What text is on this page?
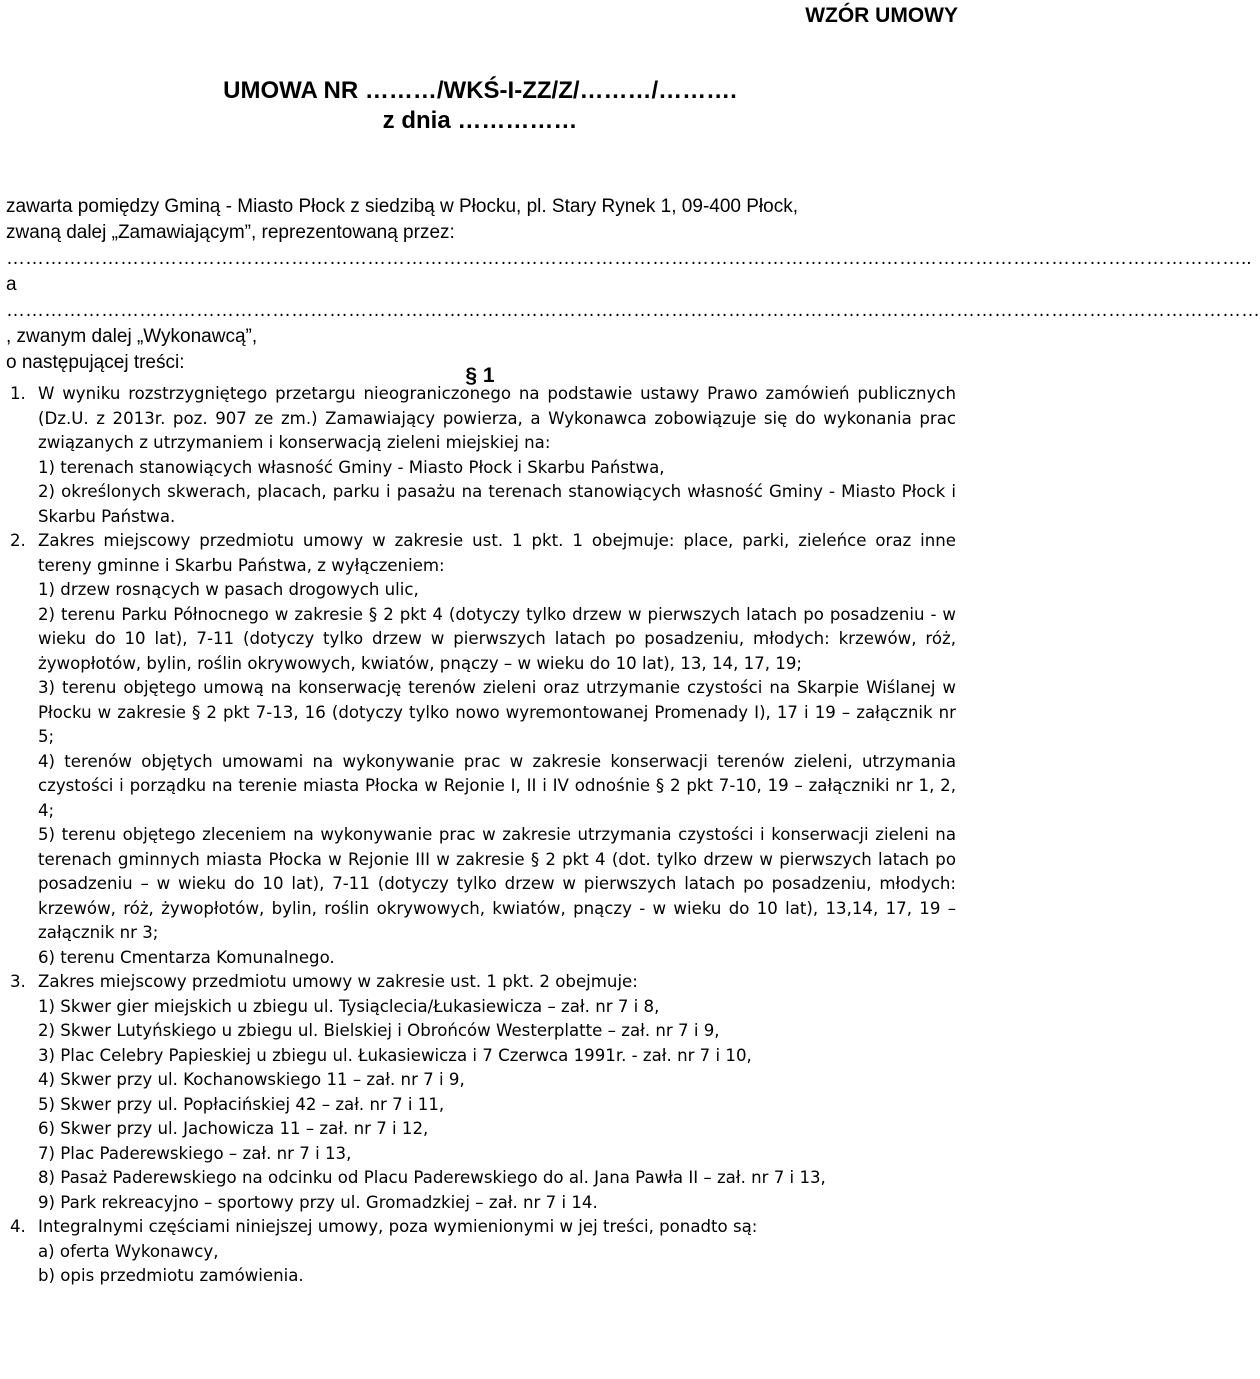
WZÓR UMOWY
UMOWA NR ………/WKŚ-I-ZZ/Z/………/……….
z dnia ……………
zawarta pomiędzy Gminą - Miasto Płock z siedzibą w Płocku, pl. Stary Rynek 1, 09-400 Płock,
zwaną dalej „Zamawiającym”, reprezentowaną przez:
……………………………………………………………………………………………………………………………………………………………………………..
a
………………………………………………………………………………………………………………………………………………………………………………
, zwanym dalej „Wykonawcą”,
o następującej treści:
§ 1
1. W wyniku rozstrzygniętego przetargu nieograniczonego na podstawie ustawy Prawo zamówień publicznych (Dz.U. z 2013r. poz. 907 ze zm.) Zamawiający powierza, a Wykonawca zobowiązuje się do wykonania prac związanych z utrzymaniem i konserwacją zieleni miejskiej na:
1) terenach stanowiących własność Gminy - Miasto Płock i Skarbu Państwa,
2) określonych skwerach, placach, parku i pasażu na terenach stanowiących własność Gminy - Miasto Płock i Skarbu Państwa.
2. Zakres miejscowy przedmiotu umowy w zakresie ust. 1 pkt. 1 obejmuje: place, parki, zieleńce oraz inne tereny gminne i Skarbu Państwa, z wyłączeniem:
1) drzew rosnących w pasach drogowych ulic,
2) terenu Parku Północnego w zakresie § 2 pkt 4 (dotyczy tylko drzew w pierwszych latach po posadzeniu - w wieku do 10 lat), 7-11 (dotyczy tylko drzew w pierwszych latach po posadzeniu, młodych: krzewów, róż, żywopłotów, bylin, roślin okrywowych, kwiatów, pnączy – w wieku do 10 lat), 13, 14, 17, 19;
3) terenu objętego umową na konserwację terenów zieleni oraz utrzymanie czystości na Skarpie Wiślanej w Płocku w zakresie § 2 pkt 7-13, 16 (dotyczy tylko nowo wyremontowanej Promenady I), 17 i 19 – załącznik nr 5;
4) terenów objętych umowami na wykonywanie prac w zakresie konserwacji terenów zieleni, utrzymania czystości i porządku na terenie miasta Płocka w Rejonie I, II i IV odnośnie § 2 pkt 7-10, 19 – załączniki nr 1, 2, 4;
5) terenu objętego zleceniem na wykonywanie prac w zakresie utrzymania czystości i konserwacji zieleni na terenach gminnych miasta Płocka w Rejonie III w zakresie § 2 pkt 4 (dot. tylko drzew w pierwszych latach po posadzeniu – w wieku do 10 lat), 7-11 (dotyczy tylko drzew w pierwszych latach po posadzeniu, młodych: krzewów, róż, żywopłotów, bylin, roślin okrywowych, kwiatów, pnączy - w wieku do 10 lat), 13,14, 17, 19 – załącznik nr 3;
6) terenu Cmentarza Komunalnego.
3. Zakres miejscowy przedmiotu umowy w zakresie ust. 1 pkt. 2 obejmuje:
1) Skwer gier miejskich u zbiegu ul. Tysiąclecia/Łukasiewicza – zał. nr 7 i 8,
2) Skwer Lutyńskiego u zbiegu ul. Bielskiej i Obrońców Westerplatte – zał. nr 7 i 9,
3) Plac Celebry Papieskiej u zbiegu ul. Łukasiewicza i 7 Czerwca 1991r. - zał. nr 7 i 10,
4) Skwer przy ul. Kochanowskiego 11 – zał. nr 7 i 9,
5) Skwer przy ul. Popłacińskiej 42 – zał. nr 7 i 11,
6) Skwer przy ul. Jachowicza 11 – zał. nr 7 i 12,
7) Plac Paderewskiego – zał. nr 7 i 13,
8) Pasaż Paderewskiego na odcinku od Placu Paderewskiego do al. Jana Pawła II – zał. nr 7 i 13,
9) Park rekreacyjno – sportowy przy ul. Gromadzkiej – zał. nr 7 i 14.
4. Integralnymi częściami niniejszej umowy, poza wymienionymi w jej treści, ponadto są:
a) oferta Wykonawcy,
b) opis przedmiotu zamówienia.
